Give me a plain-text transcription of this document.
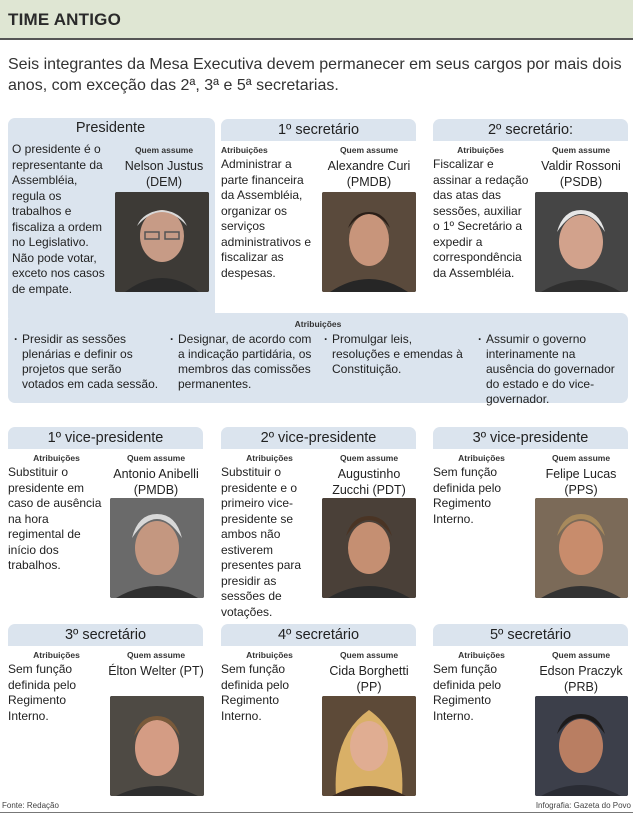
TIME ANTIGO
Seis integrantes da Mesa Executiva devem permanecer em seus cargos por mais dois anos, com exceção das 2ª, 3ª e 5ª secretarias.
Presidente
O presidente é o representante da Assembléia, regula os trabalhos e fiscaliza a ordem no Legislativo. Não pode votar, exceto nos casos de empate.
Quem assume
Nelson Justus (DEM)
Atribuições
· Presidir as sessões plenárias e definir os projetos que serão votados em cada sessão.
· Designar, de acordo com a indicação partidária, os membros das comissões permanentes.
· Promulgar leis, resoluções e emendas à Constituição.
· Assumir o governo interinamente na ausência do governador do estado e do vice-governador.
1º secretário
Atribuições
Administrar a parte financeira da Assembléia, organizar os serviços administrativos e fiscalizar as despesas.
Quem assume
Alexandre Curi (PMDB)
2º secretário:
Atribuições
Fiscalizar e assinar a redação das atas das sessões, auxiliar o 1º Secretário a expedir a correspondência da Assembléia.
Quem assume
Valdir Rossoni (PSDB)
1º vice-presidente
Atribuições
Substituir o presidente em caso de ausência na hora regimental de início dos trabalhos.
Quem assume
Antonio Anibelli (PMDB)
2º vice-presidente
Atribuições
Substituir o presidente e o primeiro vice-presidente se ambos não estiverem presentes para presidir as sessões de votações.
Quem assume
Augustinho Zucchi (PDT)
3º vice-presidente
Atribuições
Sem função definida pelo Regimento Interno.
Quem assume
Felipe Lucas (PPS)
3º secretário
Atribuições
Sem função definida pelo Regimento Interno.
Quem assume
Élton Welter (PT)
4º secretário
Atribuições
Sem função definida pelo Regimento Interno.
Quem assume
Cida Borghetti (PP)
5º secretário
Atribuições
Sem função definida pelo Regimento Interno.
Quem assume
Edson Praczyk (PRB)
Fonte: Redação	Infografia: Gazeta do Povo
